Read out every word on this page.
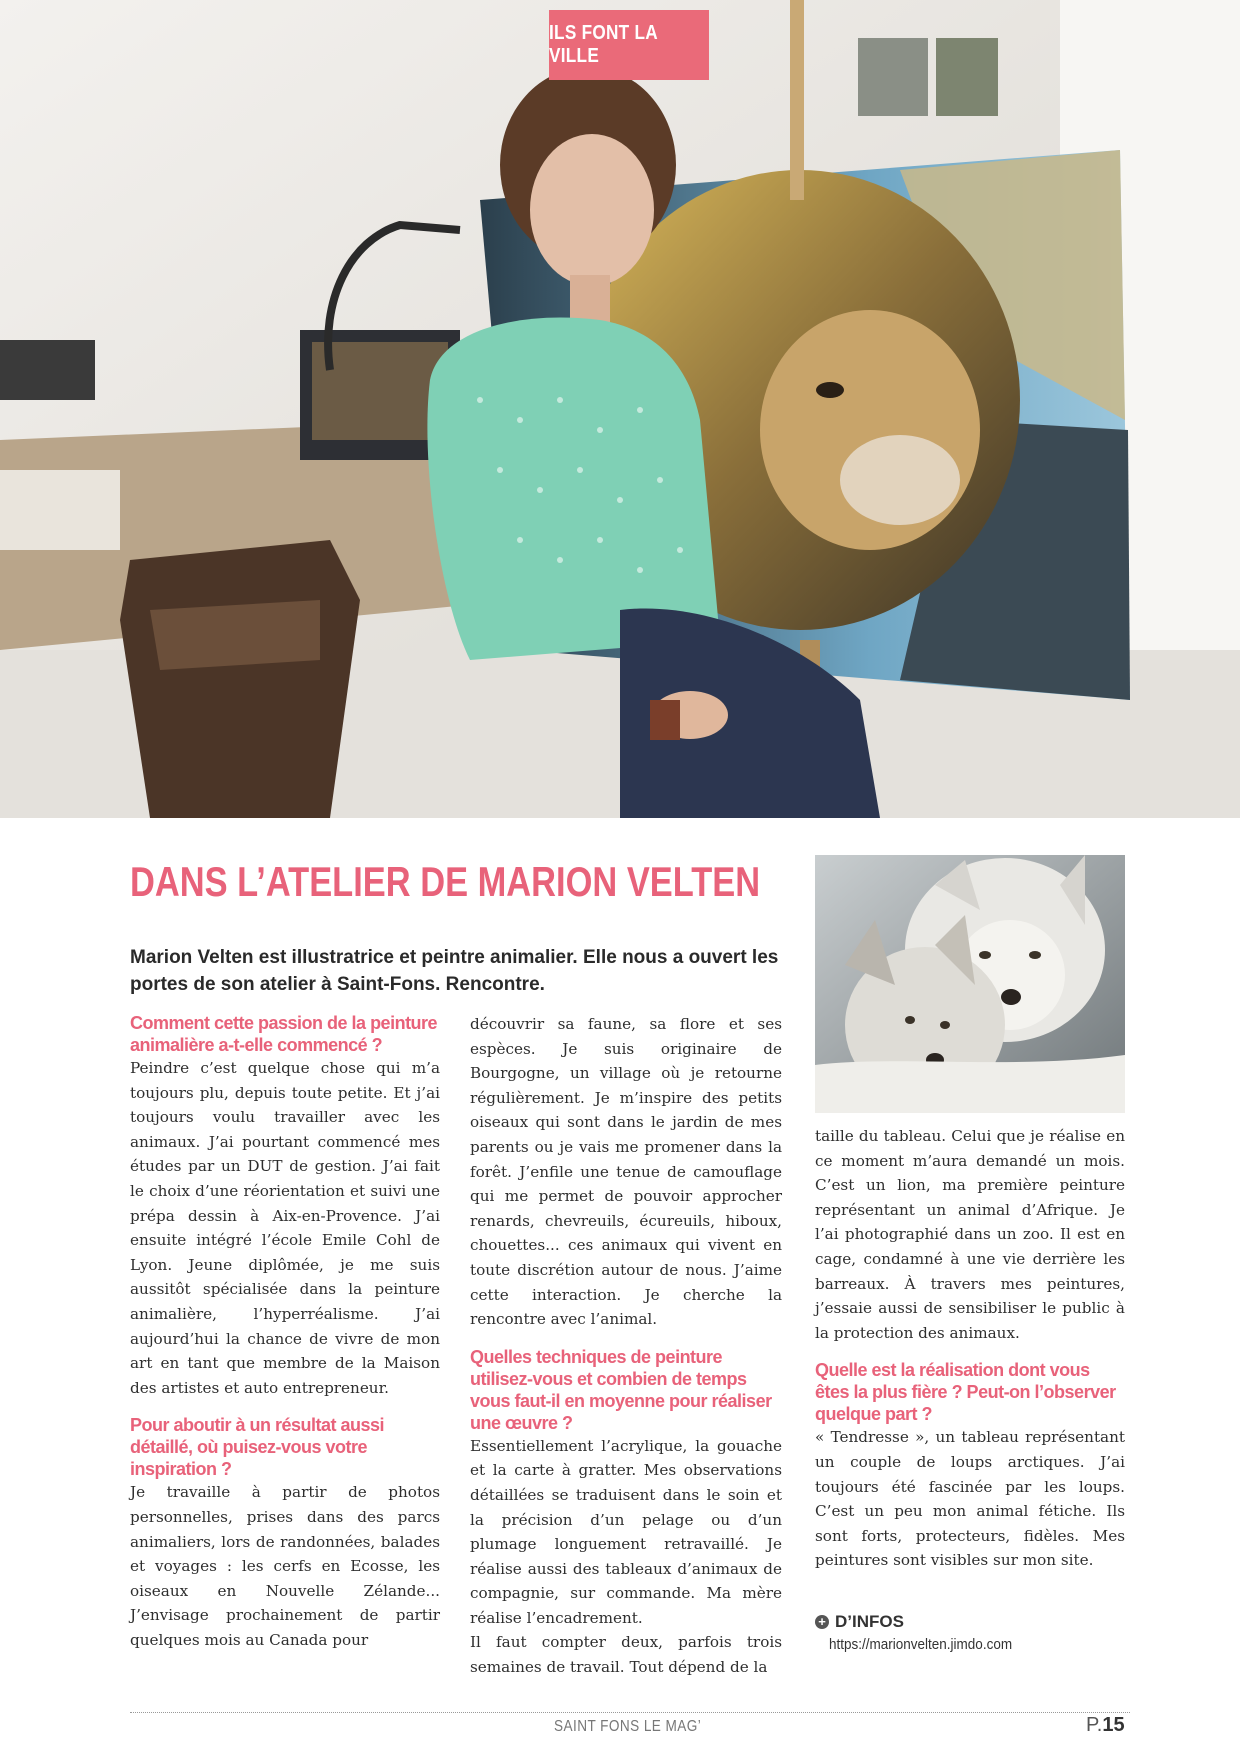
ILS FONT LA VILLE
DANS L’ATELIER DE MARION VELTEN

Marion Velten est illustratrice et peintre animalier. Elle nous a ouvert les portes de son atelier à Saint-Fons. Rencontre.

Comment cette passion de la peinture animalière a-t-elle commencé ?

Peindre c’est quelque chose qui m’a toujours plu, depuis toute petite. Et j’ai toujours voulu travailler avec les animaux. J’ai pourtant commencé mes études par un DUT de gestion. J’ai fait le choix d’une réorientation et suivi une prépa dessin à Aix-en-Provence. J’ai ensuite intégré l’école Emile Cohl de Lyon. Jeune diplômée, je me suis aussitôt spécialisée dans la peinture animalière, l’hyperréalisme. J’ai aujourd’hui la chance de vivre de mon art en tant que membre de la Maison des artistes et auto entrepreneur.

Pour aboutir à un résultat aussi détaillé, où puisez-vous votre inspiration ?

Je travaille à partir de photos personnelles, prises dans des parcs animaliers, lors de randonnées, balades et voyages : les cerfs en Ecosse, les oiseaux en Nouvelle Zélande... J’envisage prochainement de partir quelques mois au Canada pour

découvrir sa faune, sa flore et ses espèces. Je suis originaire de Bourgogne, un village où je retourne régulièrement. Je m’inspire des petits oiseaux qui sont dans le jardin de mes parents ou je vais me promener dans la forêt. J’enfile une tenue de camouflage qui me permet de pouvoir approcher renards, chevreuils, écureuils, hiboux, chouettes... ces animaux qui vivent en toute discrétion autour de nous. J’aime cette interaction. Je cherche la rencontre avec l’animal.

Quelles techniques de peinture utilisez-vous et combien de temps vous faut-il en moyenne pour réaliser une œuvre ?

Essentiellement l’acrylique, la gouache et la carte à gratter. Mes observations détaillées se traduisent dans le soin et la précision d’un pelage ou d’un plumage longuement retravaillé. Je réalise aussi des tableaux d’animaux de compagnie, sur commande. Ma mère réalise l’encadrement.

Il faut compter deux, parfois trois semaines de travail. Tout dépend de la

taille du tableau. Celui que je réalise en ce moment m’aura demandé un mois. C’est un lion, ma première peinture représentant un animal d’Afrique. Je l’ai photographié dans un zoo. Il est en cage, condamné à une vie derrière les barreaux. À travers mes peintures, j’essaie aussi de sensibiliser le public à la protection des animaux.

Quelle est la réalisation dont vous êtes la plus fière ? Peut-on l’observer quelque part ?

« Tendresse », un tableau représentant un couple de loups arctiques. J’ai toujours été fascinée par les loups. C’est un peu mon animal fétiche. Ils sont forts, protecteurs, fidèles. Mes peintures sont visibles sur mon site.

+ D’INFOS
https://marionvelten.jimdo.com
SAINT FONS LE MAG’	P.15
